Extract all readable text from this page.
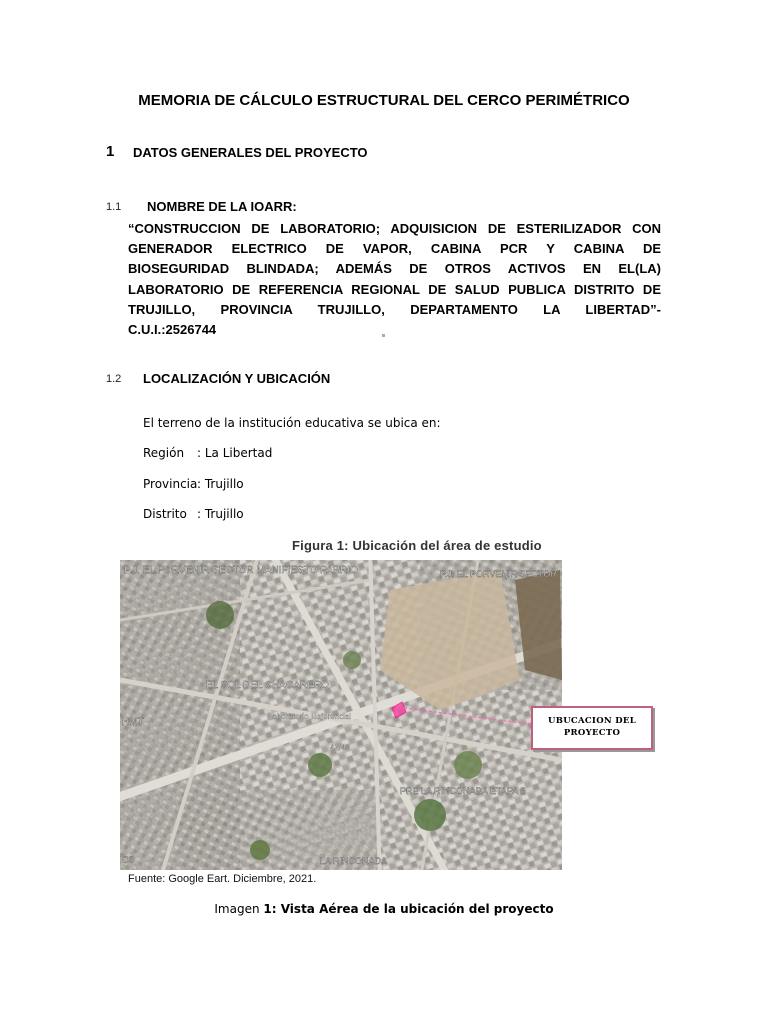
MEMORIA DE CÁLCULO ESTRUCTURAL DEL CERCO PERIMÉTRICO
1 DATOS GENERALES DEL PROYECTO
1.1 NOMBRE DE LA IOARR:
“CONSTRUCCION DE LABORATORIO; ADQUISICION DE ESTERILIZADOR CON
GENERADOR ELECTRICO DE VAPOR, CABINA PCR Y CABINA DE
BIOSEGURIDAD BLINDADA; ADEMÁS DE OTROS ACTIVOS EN EL(LA)
LABORATORIO DE REFERENCIA REGIONAL DE SALUD PUBLICA DISTRITO DE
TRUJILLO, PROVINCIA TRUJILLO, DEPARTAMENTO LA LIBERTAD”-
C.U.I.:2526744
1.2 LOCALIZACIÓN Y UBICACIÓN
El terreno de la institución educativa se ubica en:
Región : La Libertad
Provincia : Trujillo
Distrito : Trujillo
Figura 1: Ubicación del área de estudio
P.J. EL PORVENIR SECTOR MANIFIESTO PARRIO	P.J. EL PORVENIR SECTOR
EL SOL DEL CHACARERO
HMT
Laboratorio Referencial
42/43
PRE LA RINCONADA ETAPA 2
LA RINCONADA
CS
UBUCACION DEL
PROYECTO
Fuente: Google Eart. Diciembre, 2021.
Imagen 1: Vista Aérea de la ubicación del proyecto
